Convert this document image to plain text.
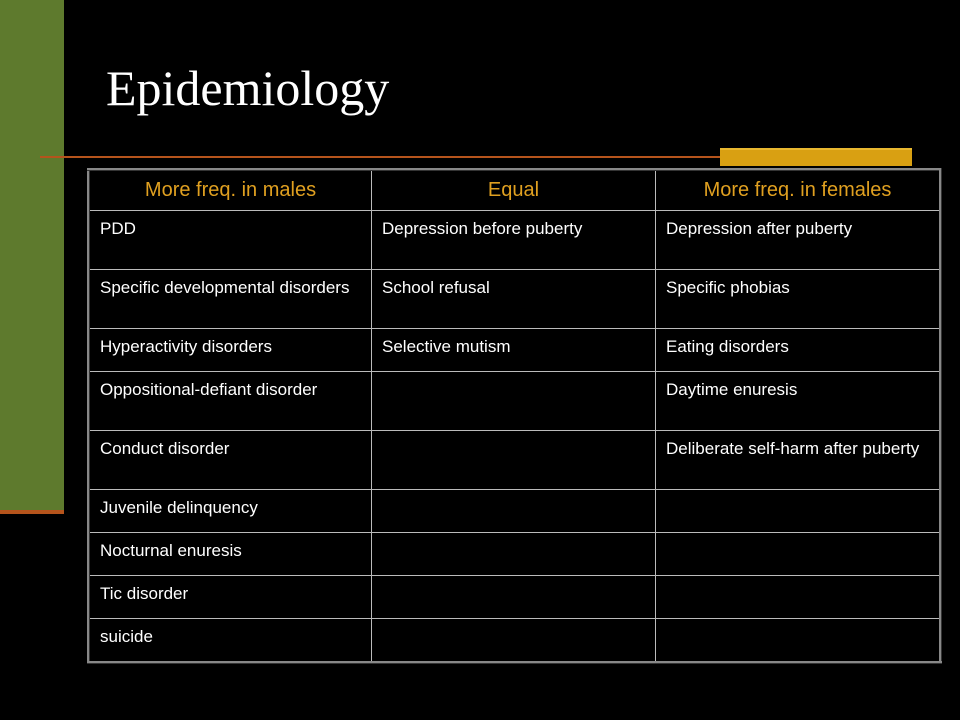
Epidemiology
More freq. in males	Equal	More freq. in females
PDD	Depression before puberty	Depression after puberty
Specific developmental disorders	School refusal	Specific phobias
Hyperactivity disorders	Selective mutism	Eating disorders
Oppositional-defiant disorder		Daytime enuresis
Conduct disorder		Deliberate self-harm after puberty
Juvenile delinquency		
Nocturnal enuresis		
Tic disorder		
suicide		
